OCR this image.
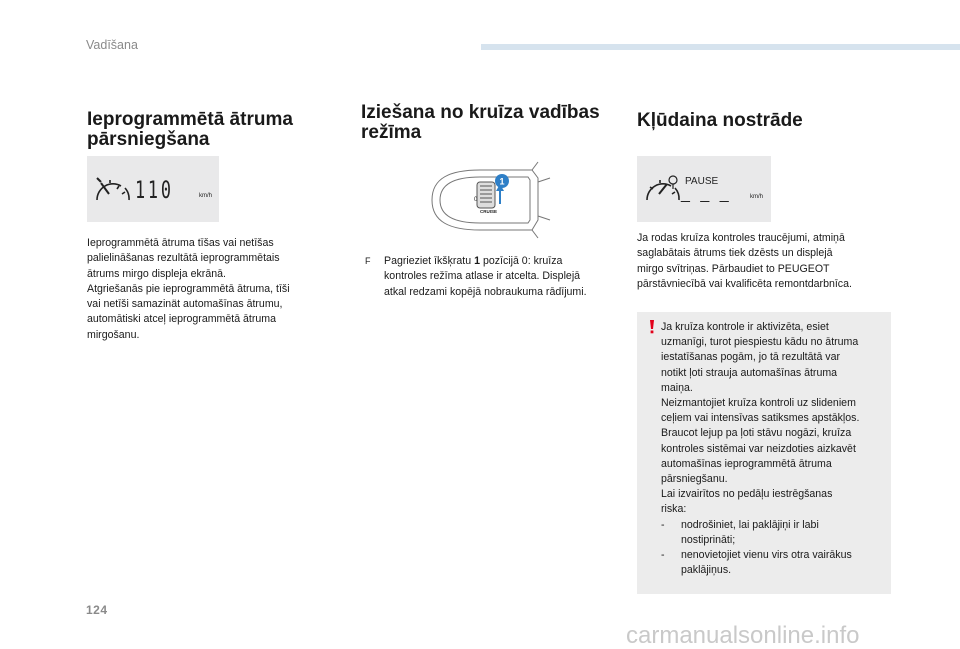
Vadīšana
Ieprogrammētā ātruma
pārsniegšana
110	km/h
Ieprogrammētā ātruma tīšas vai netīšas
palielināšanas rezultātā ieprogrammētais
ātrums mirgo displeja ekrānā.
Atgriešanās pie ieprogrammētā ātruma, tīši
vai netīši samazinät automašīnas ātrumu,
automātiski atceļ ieprogrammētā ātruma
mirgošanu.
Iziešana no kruīza vadības
režīma
0
CRUISE
1
F	Pagrieziet īkšķratu 1 pozīcijā 0: kruīza
kontroles režīma atlase ir atcelta. Displejā
atkal redzami kopējā nobraukuma rādījumi.
Kļūdaina nostrāde
PAUSE
_ _ _	km/h
Ja rodas kruīza kontroles traucējumi, atmiņā
saglabātais ātrums tiek dzēsts un displejā
mirgo svītriņas. Pārbaudiet to PEUGEOT
pārstāvniecībā vai kvalificēta remontdarbnīca.
Ja kruīza kontrole ir aktivizēta, esiet
uzmanīgi, turot piespiestu kādu no ātruma
iestatīšanas pogām, jo tā rezultātā var
notikt ļoti strauja automašīnas ātruma
maiņa.
Neizmantojiet kruīza kontroli uz slideniem
ceļiem vai intensīvas satiksmes apstākļos.
Braucot lejup pa ļoti stāvu nogāzi, kruīza
kontroles sistēmai var neizdoties aizkavēt
automašīnas ieprogrammētā ātruma
pārsniegšanu.
Lai izvairītos no pedāļu iestrēgšanas
riska:
-	nodrošiniet, lai paklājiņi ir labi
nostiprināti;
-	nenovietojiet vienu virs otra vairākus
paklājiņus.
124
carmanualsonline.info
